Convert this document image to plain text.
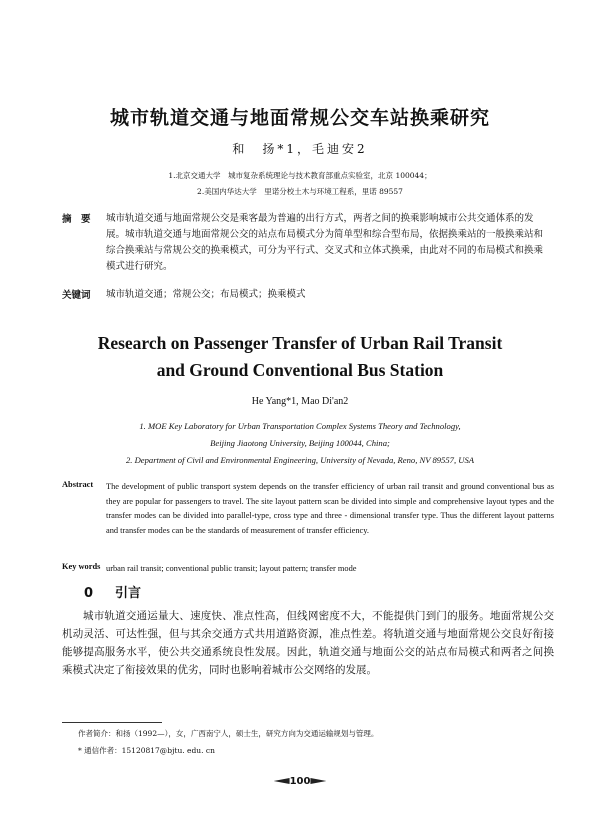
城市轨道交通与地面常规公交车站换乘研究
和　扬*1，毛迪安2
1.北京交通大学　城市复杂系统理论与技术教育部重点实验室，北京 100044；
2.美国内华达大学　里诺分校土木与环境工程系，里诺 89557
摘　要	城市轨道交通与地面常规公交是乘客最为普遍的出行方式，两者之间的换乘影响城市公共交通体系的发展。城市轨道交通与地面常规公交的站点布局模式分为简单型和综合型布局，依据换乘站的一般换乘站和综合换乘站与常规公交的换乘模式，可分为平行式、交叉式和立体式换乘，由此对不同的布局模式和换乘模式进行研究。
关键词	城市轨道交通；常规公交；布局模式；换乘模式
Research on Passenger Transfer of Urban Rail Transit
and Ground Conventional Bus Station
He Yang*1, Mao Di'an2
1. MOE Key Laboratory for Urban Transportation Complex Systems Theory and Technology,
Beijing Jiaotong University, Beijing 100044, China;
2. Department of Civil and Environmental Engineering, University of Nevada, Reno, NV 89557, USA
Abstract	The development of public transport system depends on the transfer efficiency of urban rail transit and ground conventional bus as they are popular for passengers to travel. The site layout pattern scan be divided into simple and comprehensive layout types and the transfer modes can be divided into parallel-type, cross type and three - dimensional transfer type. Thus the different layout patterns and transfer modes can be the standards of measurement of transfer efficiency.
Key words urban rail transit; conventional public transit; layout pattern; transfer mode
0 引言
城市轨道交通运量大、速度快、准点性高，但线网密度不大，不能提供门到门的服务。地面常规公交机动灵活、可达性强，但与其余交通方式共用道路资源，准点性差。将轨道交通与地面常规公交良好衔接能够提高服务水平，使公共交通系统良性发展。因此，轨道交通与地面公交的站点布局模式和两者之间换乘模式决定了衔接效果的优劣，同时也影响着城市公交网络的发展。
作者简介：和扬（1992—），女，广西南宁人，硕士生，研究方向为交通运输规划与管理。
* 通信作者：15120817@bjtu. edu. cn
100
